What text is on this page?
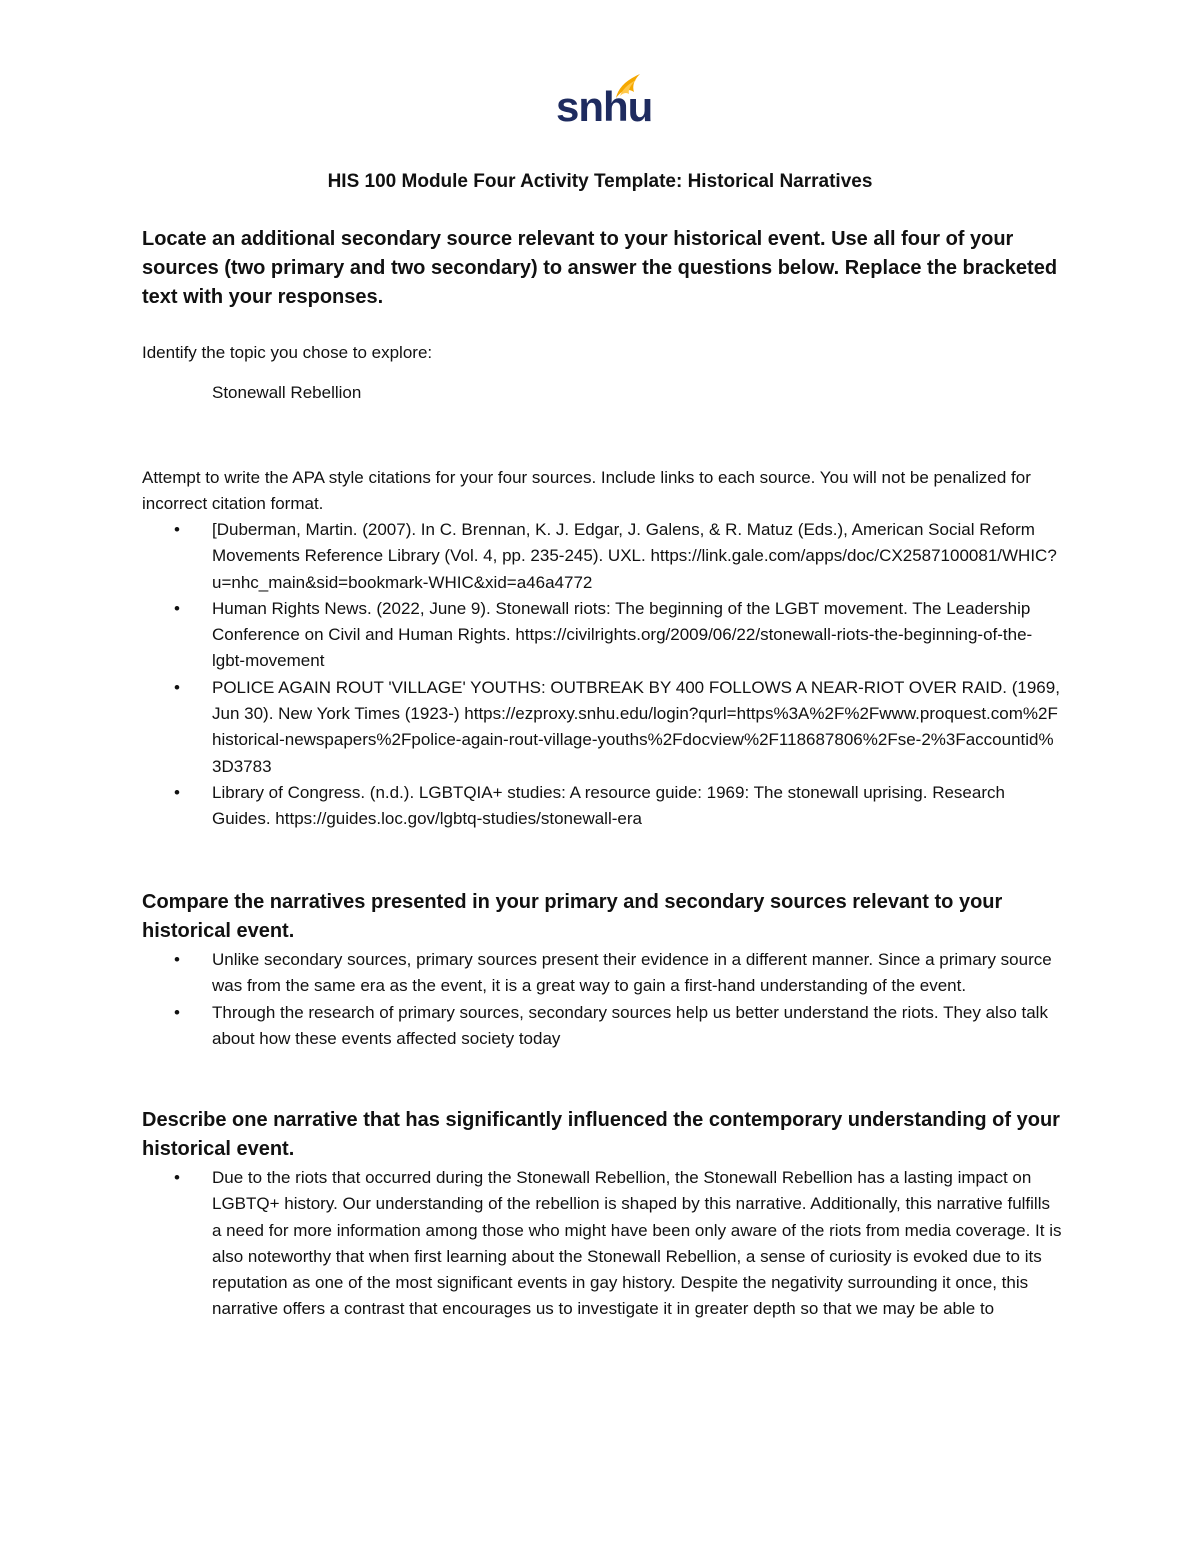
snhu
HIS 100 Module Four Activity Template: Historical Narratives
Locate an additional secondary source relevant to your historical event. Use all four of your sources (two primary and two secondary) to answer the questions below. Replace the bracketed text with your responses.
Identify the topic you chose to explore:
Stonewall Rebellion
Attempt to write the APA style citations for your four sources. Include links to each source. You will not be penalized for incorrect citation format.
• [Duberman, Martin. (2007). In C. Brennan, K. J. Edgar, J. Galens, & R. Matuz (Eds.), American Social Reform Movements Reference Library (Vol. 4, pp. 235-245). UXL. https://link.gale.com/apps/doc/CX2587100081/WHIC?u=nhc_main&sid=bookmark-WHIC&xid=a46a4772
• Human Rights News. (2022, June 9). Stonewall riots: The beginning of the LGBT movement. The Leadership Conference on Civil and Human Rights. https://civilrights.org/2009/06/22/stonewall-riots-the-beginning-of-the-lgbt-movement
• POLICE AGAIN ROUT 'VILLAGE' YOUTHS: OUTBREAK BY 400 FOLLOWS A NEAR-RIOT OVER RAID. (1969, Jun 30). New York Times (1923-) https://ezproxy.snhu.edu/login?qurl=https%3A%2F%2Fwww.proquest.com%2Fhistorical-newspapers%2Fpolice-again-rout-village-youths%2Fdocview%2F118687806%2Fse-2%3Faccountid%3D3783
• Library of Congress. (n.d.). LGBTQIA+ studies: A resource guide: 1969: The stonewall uprising. Research Guides. https://guides.loc.gov/lgbtq-studies/stonewall-era
Compare the narratives presented in your primary and secondary sources relevant to your historical event.
• Unlike secondary sources, primary sources present their evidence in a different manner. Since a primary source was from the same era as the event, it is a great way to gain a first-hand understanding of the event.
• Through the research of primary sources, secondary sources help us better understand the riots. They also talk about how these events affected society today
Describe one narrative that has significantly influenced the contemporary understanding of your historical event.
• Due to the riots that occurred during the Stonewall Rebellion, the Stonewall Rebellion has a lasting impact on LGBTQ+ history. Our understanding of the rebellion is shaped by this narrative. Additionally, this narrative fulfills a need for more information among those who might have been only aware of the riots from media coverage. It is also noteworthy that when first learning about the Stonewall Rebellion, a sense of curiosity is evoked due to its reputation as one of the most significant events in gay history. Despite the negativity surrounding it once, this narrative offers a contrast that encourages us to investigate it in greater depth so that we may be able to
